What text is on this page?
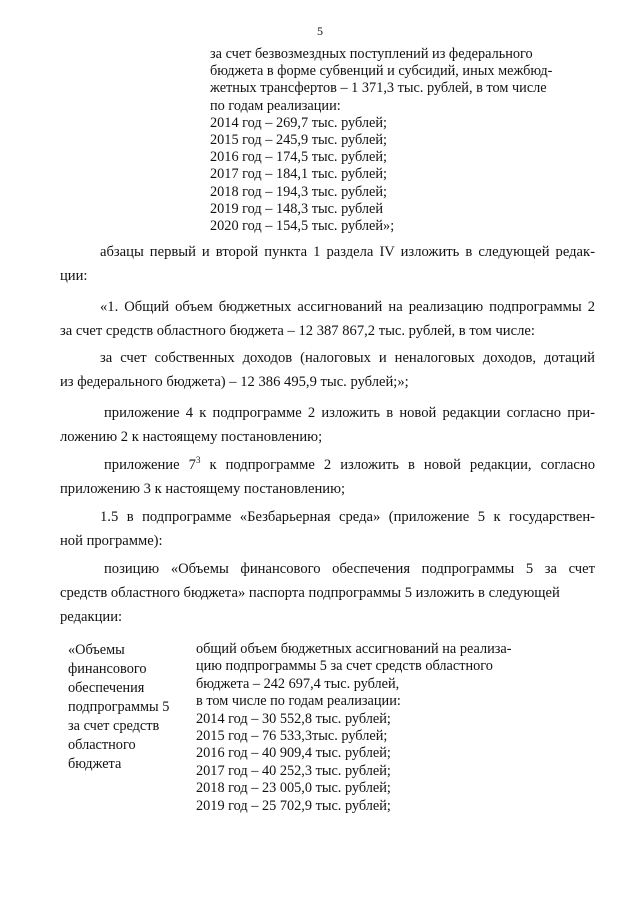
5
за счет безвозмездных поступлений из федерального
бюджета в форме субвенций и субсидий, иных межбюд-
жетных трансфертов – 1 371,3 тыс. рублей, в том числе
по годам реализации:
2014 год – 269,7 тыс. рублей;
2015 год – 245,9 тыс. рублей;
2016 год – 174,5 тыс. рублей;
2017 год – 184,1 тыс. рублей;
2018 год – 194,3 тыс. рублей;
2019 год – 148,3 тыс. рублей
2020 год – 154,5 тыс. рублей»;
абзацы первый и второй пункта 1 раздела IV изложить в следующей редак-
ции:
«1. Общий объем бюджетных ассигнований на реализацию подпрограммы 2
за счет средств областного бюджета – 12 387 867,2 тыс. рублей, в том числе:
за счет собственных доходов (налоговых и неналоговых доходов, дотаций
из федерального бюджета) – 12 386 495,9 тыс. рублей;»;
приложение 4 к подпрограмме 2 изложить в новой редакции согласно при-
ложению 2 к настоящему постановлению;
приложение $7^3$ к подпрограмме 2 изложить в новой редакции, согласно
приложению 3 к настоящему постановлению;
1.5 в подпрограмме «Безбарьерная среда» (приложение 5 к государствен-
ной программе):
позицию «Объемы финансового обеспечения подпрограммы 5 за счет
средств областного бюджета» паспорта подпрограммы 5 изложить в следующей
редакции:
«Объемы
финансового
обеспечения
подпрограммы 5
за счет средств
областного
бюджета
общий объем бюджетных ассигнований на реализа-
цию подпрограммы 5 за счет средств областного
бюджета – 242 697,4 тыс. рублей,
в том числе по годам реализации:
2014 год – 30 552,8 тыс. рублей;
2015 год – 76 533,3тыс. рублей;
2016 год – 40 909,4 тыс. рублей;
2017 год – 40 252,3 тыс. рублей;
2018 год – 23 005,0 тыс. рублей;
2019 год – 25 702,9 тыс. рублей;
